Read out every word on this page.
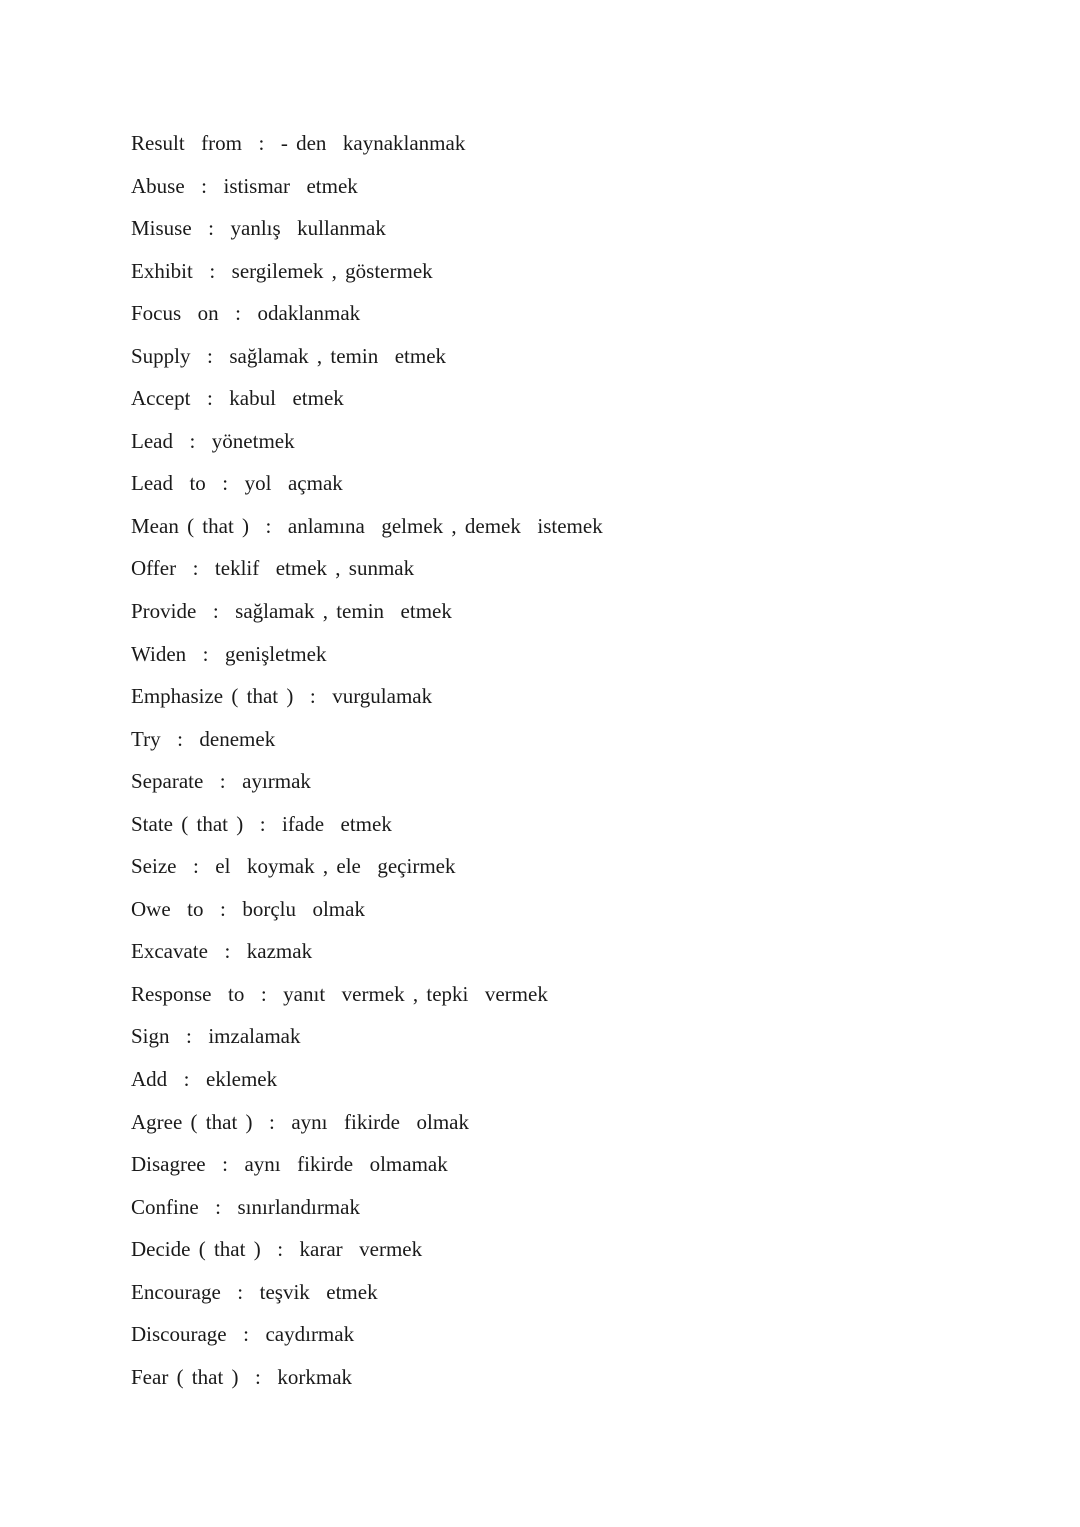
Result  from  :  - den  kaynaklanmak
Abuse  :  istismar  etmek
Misuse  :  yanlış  kullanmak
Exhibit  :  sergilemek , göstermek
Focus  on  :  odaklanmak
Supply  :  sağlamak , temin  etmek
Accept  :  kabul  etmek
Lead  :  yönetmek
Lead  to  :  yol  açmak
Mean ( that )  :  anlamına  gelmek , demek  istemek
Offer  :  teklif  etmek , sunmak
Provide  :  sağlamak , temin  etmek
Widen  :  genişletmek
Emphasize ( that )  :  vurgulamak
Try  :  denemek
Separate  :  ayırmak
State ( that )  :  ifade  etmek
Seize  :  el  koymak , ele  geçirmek
Owe  to  :  borçlu  olmak
Excavate  :  kazmak
Response  to  :  yanıt  vermek , tepki  vermek
Sign  :  imzalamak
Add  :  eklemek
Agree ( that )  :  aynı  fikirde  olmak
Disagree  :  aynı  fikirde  olmamak
Confine  :  sınırlandırmak
Decide ( that )  :  karar  vermek
Encourage  :  teşvik  etmek
Discourage  :  caydırmak
Fear ( that )  :  korkmak
